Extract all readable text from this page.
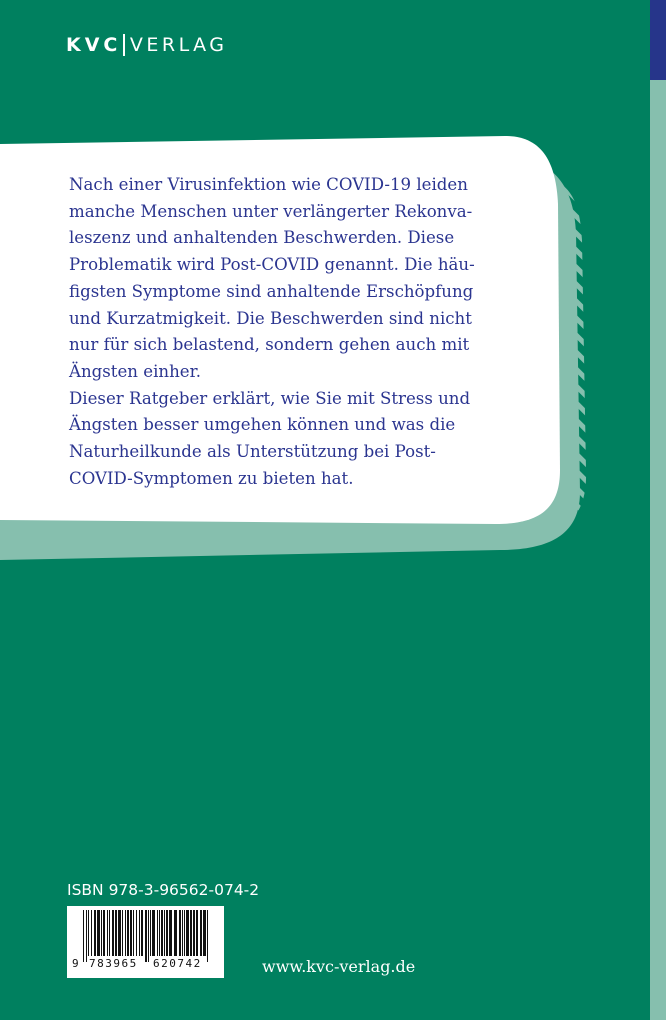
KVC VERLAG

Nach einer Virusinfektion wie COVID-19 leiden
manche Menschen unter verlängerter Rekonva-
leszenz und anhaltenden Beschwerden. Diese
Problematik wird Post-COVID genannt. Die häu-
figsten Symptome sind anhaltende Erschöpfung
und Kurzatmigkeit. Die Beschwerden sind nicht
nur für sich belastend, sondern gehen auch mit
Ängsten einher.

Dieser Ratgeber erklärt, wie Sie mit Stress und
Ängsten besser umgehen können und was die
Naturheilkunde als Unterstützung bei Post-
COVID-Symptomen zu bieten hat.

ISBN 978-3-96562-074-2
9 783965 620742	www.kvc-verlag.de
